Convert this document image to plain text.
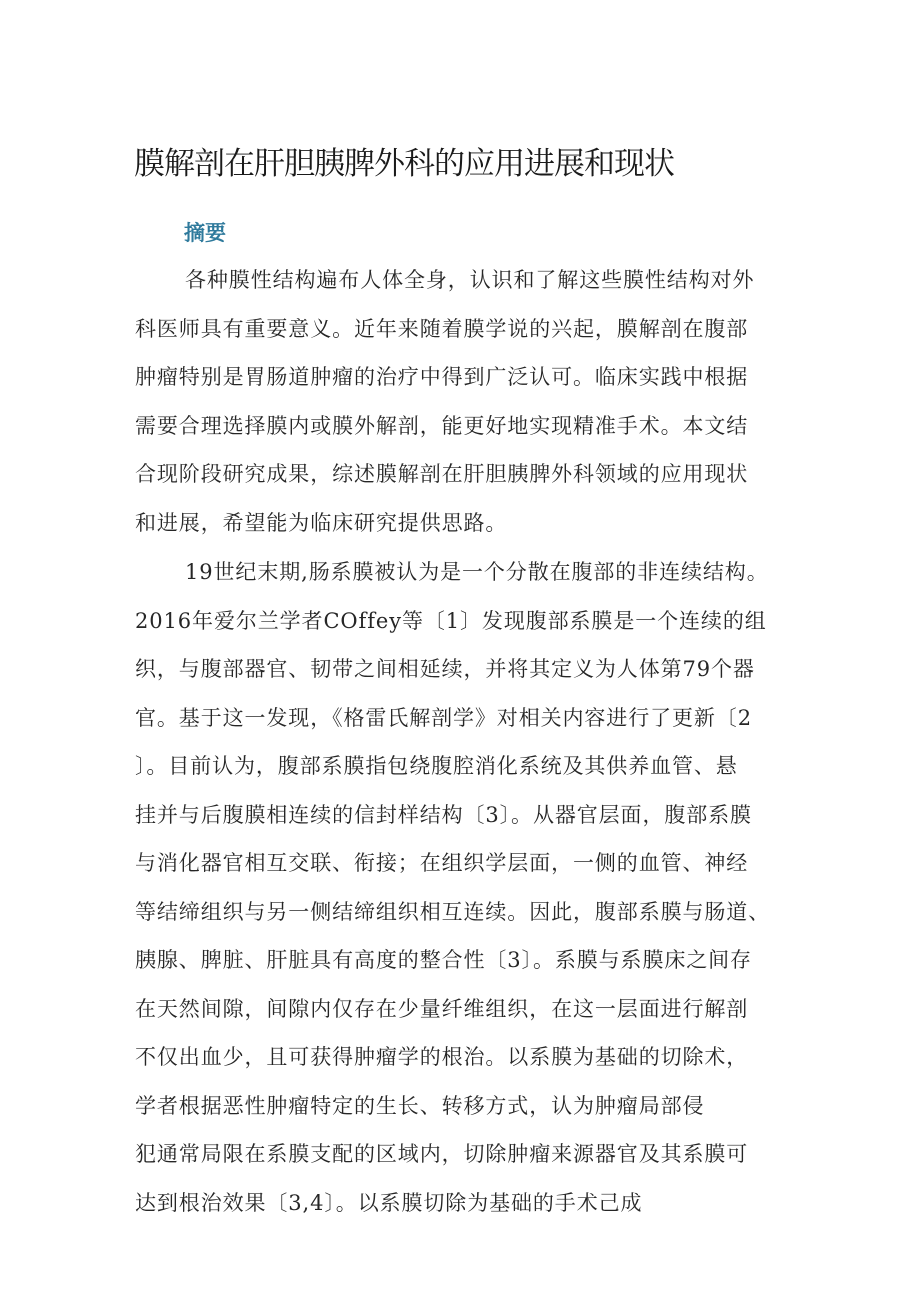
膜解剖在肝胆胰脾外科的应用进展和现状
摘要
各种膜性结构遍布人体全身，认识和了解这些膜性结构对外
科医师具有重要意义。近年来随着膜学说的兴起，膜解剖在腹部
肿瘤特别是胃肠道肿瘤的治疗中得到广泛认可。临床实践中根据
需要合理选择膜内或膜外解剖，能更好地实现精准手术。本文结
合现阶段研究成果，综述膜解剖在肝胆胰脾外科领域的应用现状
和进展，希望能为临床研究提供思路。
19世纪末期,肠系膜被认为是一个分散在腹部的非连续结构。
2016年爱尔兰学者COffey等〔1〕发现腹部系膜是一个连续的组
织，与腹部器官、韧带之间相延续，并将其定义为人体第79个器
官。基于这一发现，《格雷氏解剖学》对相关内容进行了更新〔2
〕。目前认为，腹部系膜指包绕腹腔消化系统及其供养血管、悬
挂并与后腹膜相连续的信封样结构〔3〕。从器官层面，腹部系膜
与消化器官相互交联、衔接；在组织学层面，一侧的血管、神经
等结缔组织与另一侧结缔组织相互连续。因此，腹部系膜与肠道、
胰腺、脾脏、肝脏具有高度的整合性〔3〕。系膜与系膜床之间存
在天然间隙，间隙内仅存在少量纤维组织，在这一层面进行解剖
不仅出血少，且可获得肿瘤学的根治。以系膜为基础的切除术，
学者根据恶性肿瘤特定的生长、转移方式，认为肿瘤局部侵
犯通常局限在系膜支配的区域内，切除肿瘤来源器官及其系膜可
达到根治效果〔3,4〕。以系膜切除为基础的手术己成
